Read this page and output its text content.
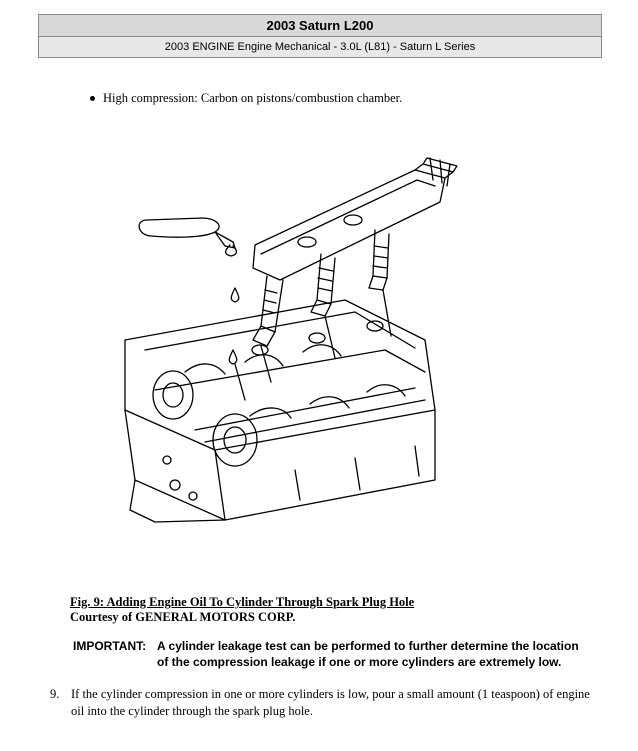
2003 Saturn L200
2003 ENGINE Engine Mechanical - 3.0L (L81) - Saturn L Series
High compression: Carbon on pistons/combustion chamber.
.
Fig. 9: Adding Engine Oil To Cylinder Through Spark Plug Hole
Courtesy of GENERAL MOTORS CORP.
IMPORTANT: A cylinder leakage test can be performed to further determine the location
of the compression leakage if one or more cylinders are extremely low.
9. If the cylinder compression in one or more cylinders is low, pour a small amount (1 teaspoon) of engine
oil into the cylinder through the spark plug hole.
